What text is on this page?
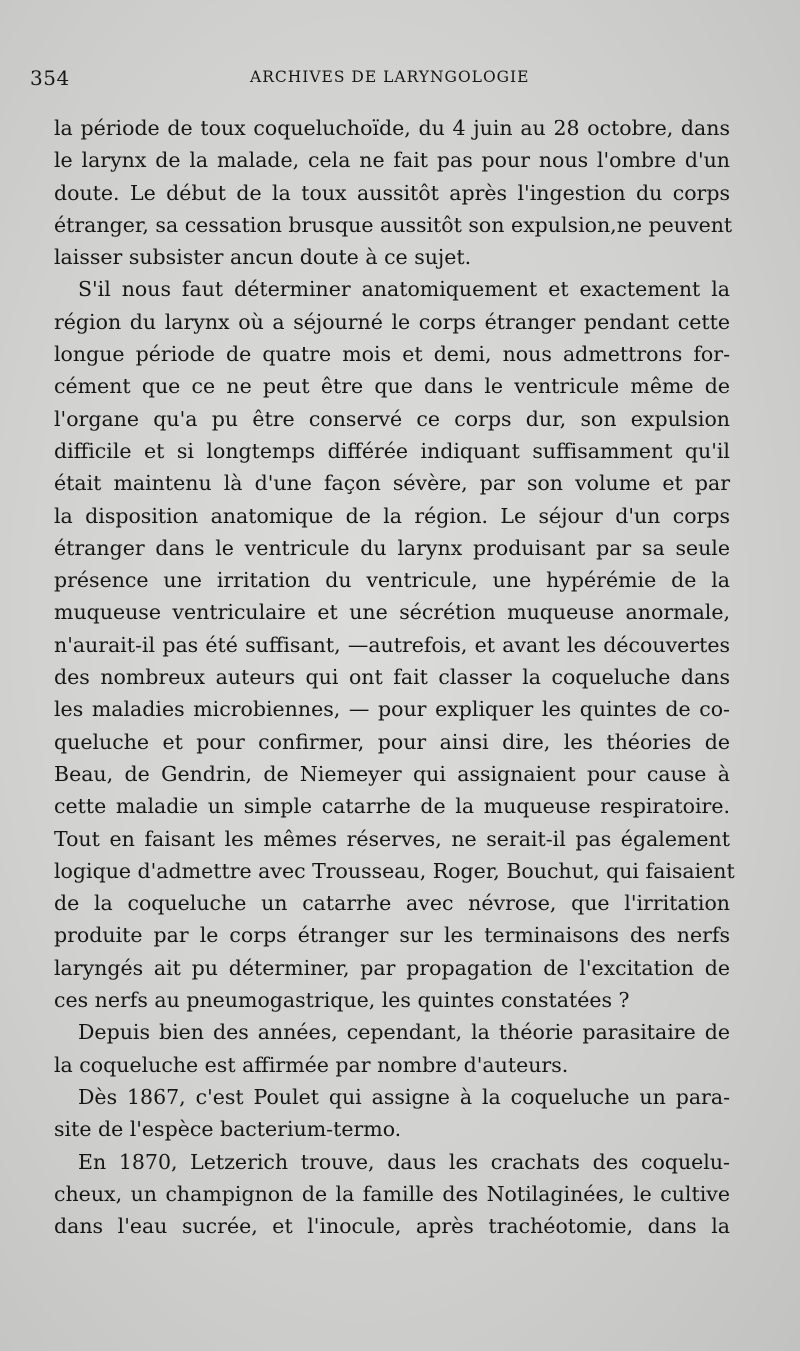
354	ARCHIVES DE LARYNGOLOGIE
la période de toux coqueluchoïde, du 4 juin au 28 octobre, dans
le larynx de la malade, cela ne fait pas pour nous l'ombre d'un
doute. Le début de la toux aussitôt après l'ingestion du corps
étranger, sa cessation brusque aussitôt son expulsion,ne peuvent
laisser subsister ancun doute à ce sujet.
S'il nous faut déterminer anatomiquement et exactement la
région du larynx où a séjourné le corps étranger pendant cette
longue période de quatre mois et demi, nous admettrons for-
cément que ce ne peut être que dans le ventricule même de
l'organe qu'a pu être conservé ce corps dur, son expulsion
difficile et si longtemps différée indiquant suffisamment qu'il
était maintenu là d'une façon sévère, par son volume et par
la disposition anatomique de la région. Le séjour d'un corps
étranger dans le ventricule du larynx produisant par sa seule
présence une irritation du ventricule, une hypérémie de la
muqueuse ventriculaire et une sécrétion muqueuse anormale,
n'aurait-il pas été suffisant, —autrefois, et avant les découvertes
des nombreux auteurs qui ont fait classer la coqueluche dans
les maladies microbiennes, — pour expliquer les quintes de co-
queluche et pour confirmer, pour ainsi dire, les théories de
Beau, de Gendrin, de Niemeyer qui assignaient pour cause à
cette maladie un simple catarrhe de la muqueuse respiratoire.
Tout en faisant les mêmes réserves, ne serait-il pas également
logique d'admettre avec Trousseau, Roger, Bouchut, qui faisaient
de la coqueluche un catarrhe avec névrose, que l'irritation
produite par le corps étranger sur les terminaisons des nerfs
laryngés ait pu déterminer, par propagation de l'excitation de
ces nerfs au pneumogastrique, les quintes constatées ?
Depuis bien des années, cependant, la théorie parasitaire de
la coqueluche est affirmée par nombre d'auteurs.
Dès 1867, c'est Poulet qui assigne à la coqueluche un para-
site de l'espèce bacterium-termo.
En 1870, Letzerich trouve, daus les crachats des coquelu-
cheux, un champignon de la famille des Notilaginées, le cultive
dans l'eau sucrée, et l'inocule, après trachéotomie, dans la
